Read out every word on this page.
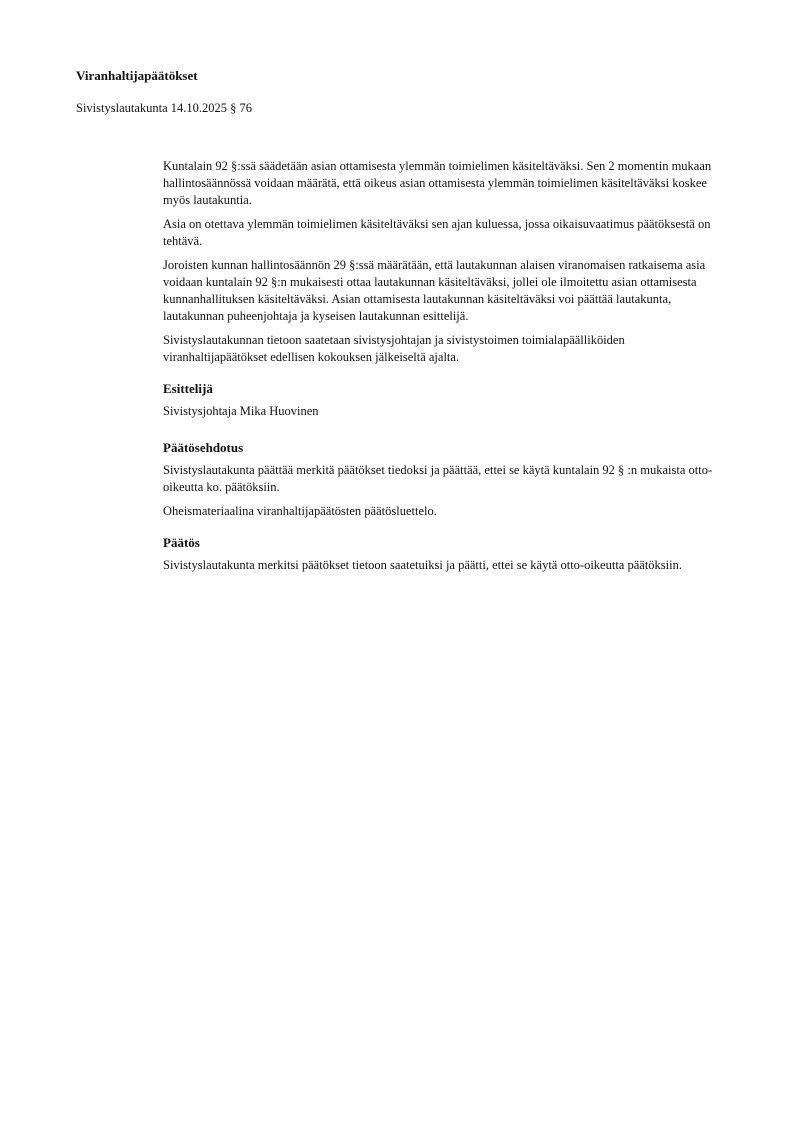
Viranhaltijapäätökset
Sivistyslautakunta 14.10.2025 § 76

Kuntalain 92 §:ssä säädetään asian ottamisesta ylemmän toimielimen käsiteltäväksi. Sen 2 momentin mukaan hallintosäännössä voidaan määrätä, että oikeus asian ottamisesta ylemmän toimielimen käsiteltäväksi koskee myös lautakuntia.

Asia on otettava ylemmän toimielimen käsiteltäväksi sen ajan kuluessa, jossa oikaisuvaatimus päätöksestä on tehtävä.

Joroisten kunnan hallintosäännön 29 §:ssä määrätään, että lautakunnan alaisen viranomaisen ratkaisema asia voidaan kuntalain 92 §:n mukaisesti ottaa lautakunnan käsiteltäväksi, jollei ole ilmoitettu asian ottamisesta kunnanhallituksen käsiteltäväksi. Asian ottamisesta lautakunnan käsiteltäväksi voi päättää lautakunta, lautakunnan puheenjohtaja ja kyseisen lautakunnan esittelijä.

Sivistyslautakunnan tietoon saatetaan sivistysjohtajan ja sivistystoimen toimialapäälliköiden viranhaltijapäätökset edellisen kokouksen jälkeiseltä ajalta.

Esittelijä

Sivistysjohtaja Mika Huovinen

Päätösehdotus

Sivistyslautakunta päättää merkitä päätökset tiedoksi ja päättää, ettei se käytä kuntalain 92 § :n mukaista otto-oikeutta ko. päätöksiin.

Oheismateriaalina viranhaltijapäätösten päätösluettelo.

Päätös

Sivistyslautakunta merkitsi päätökset tietoon saatetuiksi ja päätti, ettei se käytä otto-oikeutta päätöksiin.
